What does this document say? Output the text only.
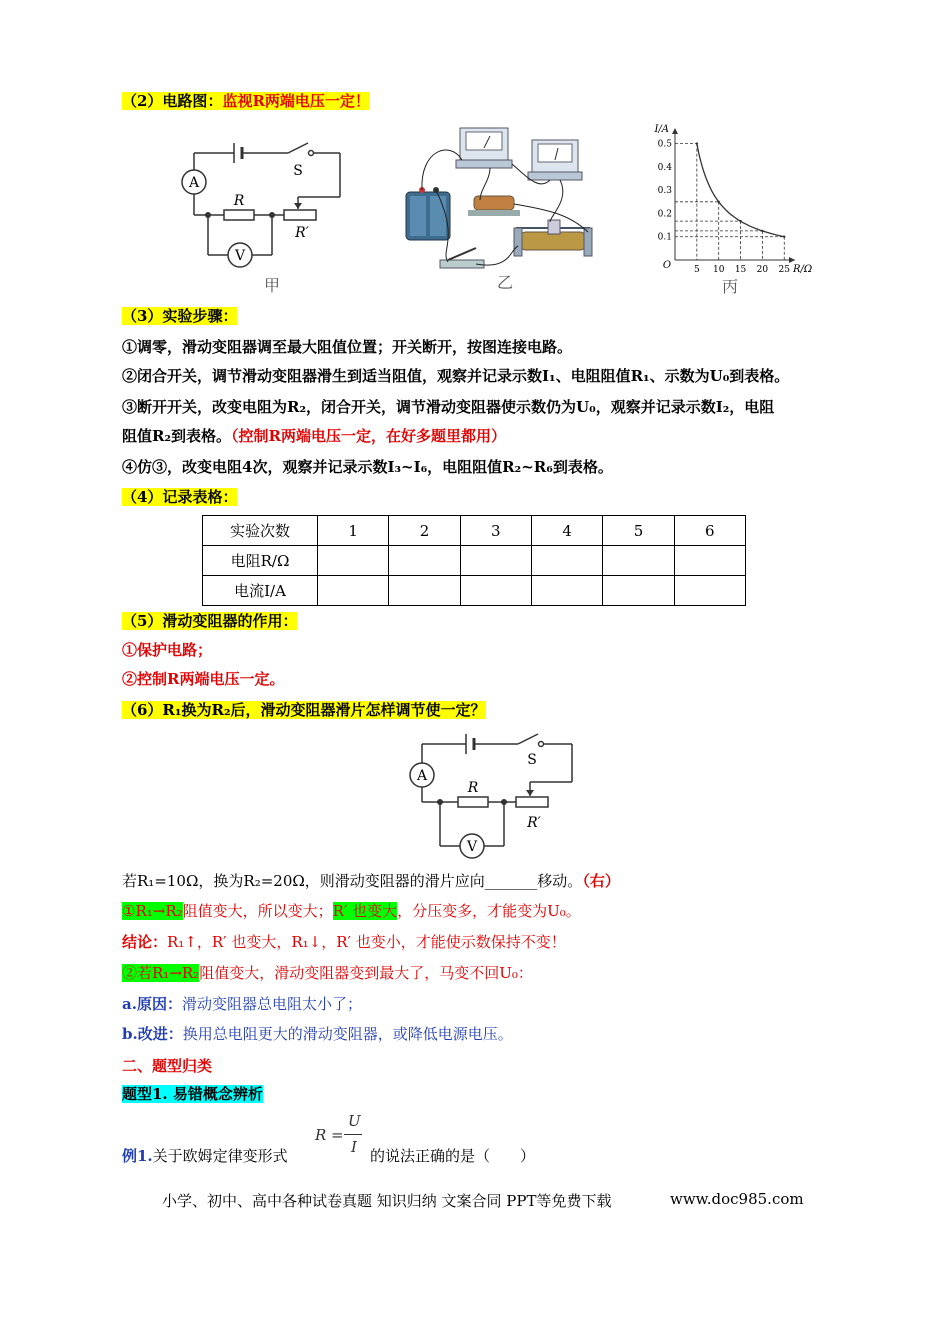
（2）电路图：监视R两端电压一定！
A
V
S
R
R′
甲	乙
0.1
0.2
0.3
0.4
0.5
5 10 15 20 25
I/A
R/Ω
O
丙
（3）实验步骤：
①调零，滑动变阻器调至最大阻值位置；开关断开，按图连接电路。
②闭合开关，调节滑动变阻器滑生到适当阻值，观察并记录示数I₁、电阻阻值R₁、示数为U₀到表格。
③断开开关，改变电阻为R₂，闭合开关，调节滑动变阻器使示数仍为U₀，观察并记录示数I₂，电阻
阻值R₂到表格。（控制R两端电压一定，在好多题里都用）
④仿③，改变电阻4次，观察并记录示数I₃~I₆，电阻阻值R₂~R₆到表格。
（4）记录表格：
实验次数	1	2	3	4	5	6
电阻R/Ω						
电流I/A						
（5）滑动变阻器的作用：
①保护电路；
②控制R两端电压一定。
（6）R₁换为R₂后，滑动变阻器滑片怎样调节使一定？
A
V
S
R
R′
若R₁=10Ω，换为R₂=20Ω，则滑动变阻器的滑片应向_______移动。（右）
①R₁→R₂阻值变大，所以变大；R′ 也变大，分压变多，才能变为U₀。
结论：R₁↑，R′ 也变大，R₁↓，R′ 也变小，才能使示数保持不变！
②若R₁→R₂阻值变大，滑动变阻器变到最大了，马变不回U₀：
a.原因：滑动变阻器总电阻太小了；
b.改进：换用总电阻更大的滑动变阻器，或降低电源电压。
二、题型归类
题型1. 易错概念辨析
例1.关于欧姆定律变形式
R =
U
I 的说法正确的是（　　）
小学、初中、高中各种试卷真题 知识归纳 文案合同 PPT等免费下载	www.doc985.com
